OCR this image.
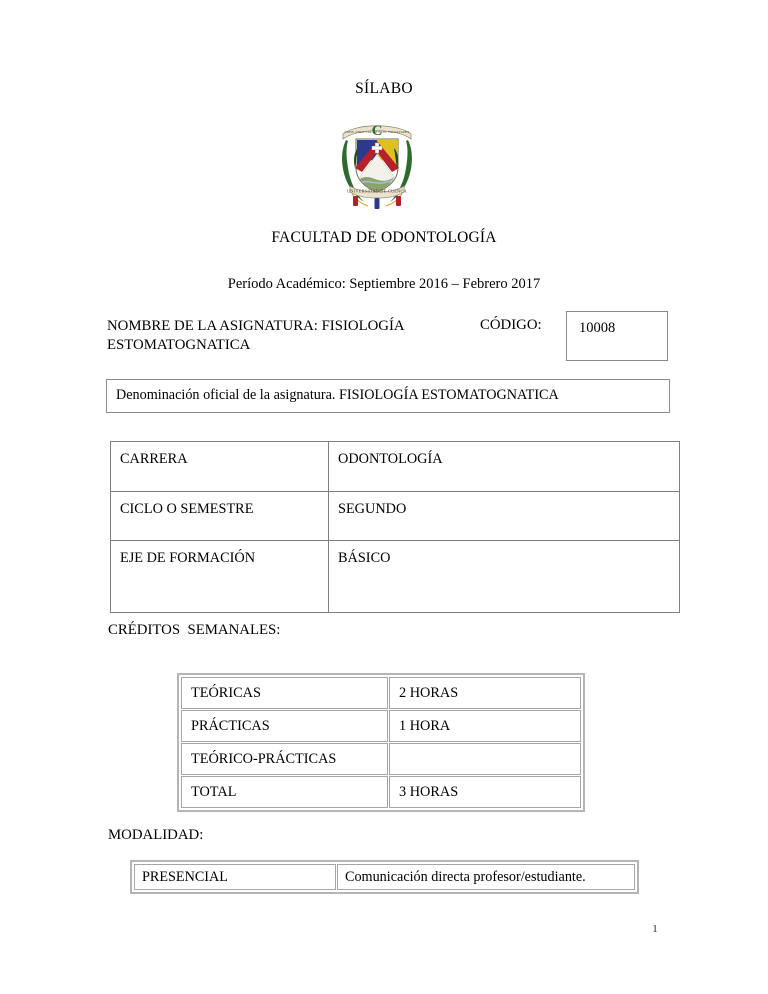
SÍLABO
CONS. VIDA. CIA. DE ESTE. FACULTADES
C
UNIVERSIDAD DE CUENCA
FACULTAD DE ODONTOLOGÍA
Período Académico: Septiembre 2016 – Febrero 2017
NOMBRE DE LA ASIGNATURA: FISIOLOGÍA ESTOMATOGNATICA
CÓDIGO:	10008
Denominación oficial de la asignatura. FISIOLOGÍA ESTOMATOGNATICA
CARRERA	ODONTOLOGÍA
CICLO O SEMESTRE	SEGUNDO
EJE DE FORMACIÓN	BÁSICO
CRÉDITOS  SEMANALES:
TEÓRICAS	2 HORAS
PRÁCTICAS	1 HORA
TEÓRICO-PRÁCTICAS	
TOTAL	3 HORAS
MODALIDAD:
PRESENCIAL	Comunicación directa profesor/estudiante.
1
